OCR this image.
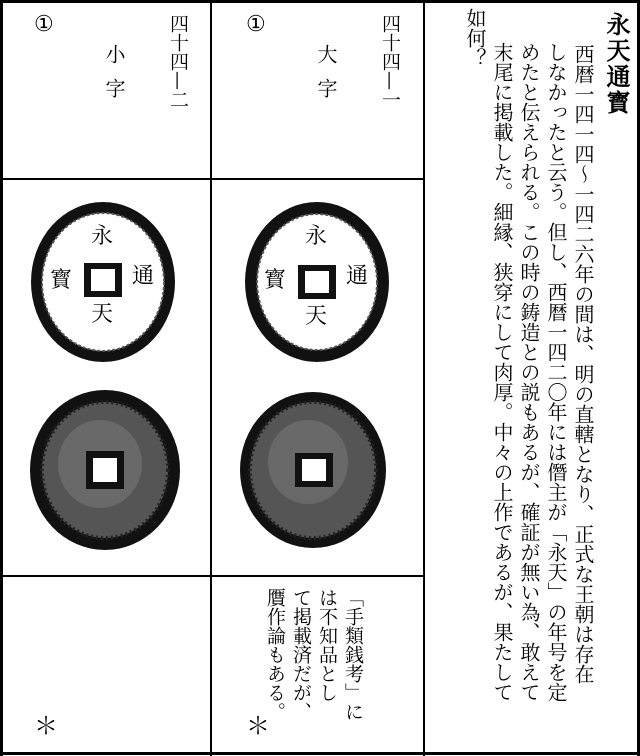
永天通寳
西暦一四一四～一四二六年の間は、明の直轄となり、正式な王朝は存在
しなかったと云う。但し、西暦一四二〇年には僭主が「永天」の年号を定
めたと伝えられる。この時の鋳造との説もあるが、確証が無い為、敢えて
末尾に掲載した。細縁、狭穿にして肉厚。中々の上作であるが、果たして
如何？
四十四—一
大字
①
四十四—二
小字
①
永
天
寳	通
永
天
寳	通
「手類銭考」に
は不知品とし
て掲載済だが、
贋作論もある。
＊
＊
